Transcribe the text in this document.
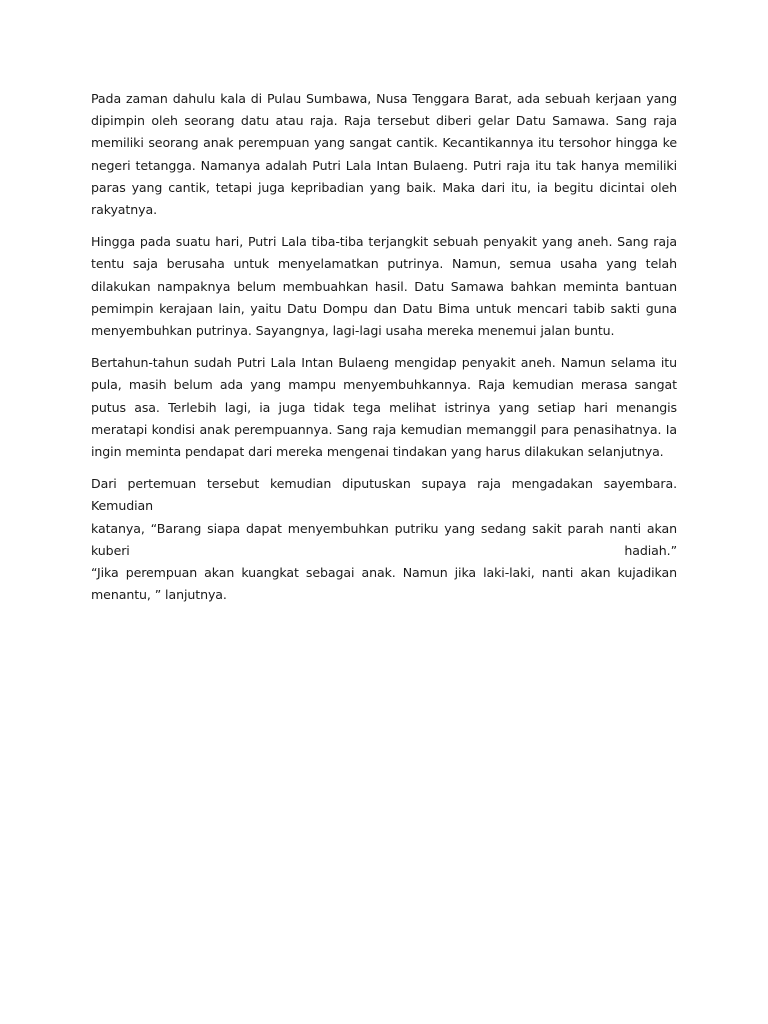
Pada zaman dahulu kala di Pulau Sumbawa, Nusa Tenggara Barat, ada sebuah kerjaan yang dipimpin oleh seorang datu atau raja. Raja tersebut diberi gelar Datu Samawa. Sang raja memiliki seorang anak perempuan yang sangat cantik. Kecantikannya itu tersohor hingga ke negeri tetangga. Namanya adalah Putri Lala Intan Bulaeng. Putri raja itu tak hanya memiliki paras yang cantik, tetapi juga kepribadian yang baik. Maka dari itu, ia begitu dicintai oleh rakyatnya.

Hingga pada suatu hari, Putri Lala tiba-tiba terjangkit sebuah penyakit yang aneh. Sang raja tentu saja berusaha untuk menyelamatkan putrinya. Namun, semua usaha yang telah dilakukan nampaknya belum membuahkan hasil. Datu Samawa bahkan meminta bantuan pemimpin kerajaan lain, yaitu Datu Dompu dan Datu Bima untuk mencari tabib sakti guna menyembuhkan putrinya. Sayangnya, lagi-lagi usaha mereka menemui jalan buntu.

Bertahun-tahun sudah Putri Lala Intan Bulaeng mengidap penyakit aneh. Namun selama itu pula, masih belum ada yang mampu menyembuhkannya. Raja kemudian merasa sangat putus asa. Terlebih lagi, ia juga tidak tega melihat istrinya yang setiap hari menangis meratapi kondisi anak perempuannya. Sang raja kemudian memanggil para penasihatnya. Ia ingin meminta pendapat dari mereka mengenai tindakan yang harus dilakukan selanjutnya.

Dari pertemuan tersebut kemudian diputuskan supaya raja mengadakan sayembara. Kemudian

katanya, “Barang siapa dapat menyembuhkan putriku yang sedang sakit parah nanti akan

kuberi hadiah.”

“Jika perempuan akan kuangkat sebagai anak. Namun jika laki-laki, nanti akan kujadikan

menantu, ” lanjutnya.
